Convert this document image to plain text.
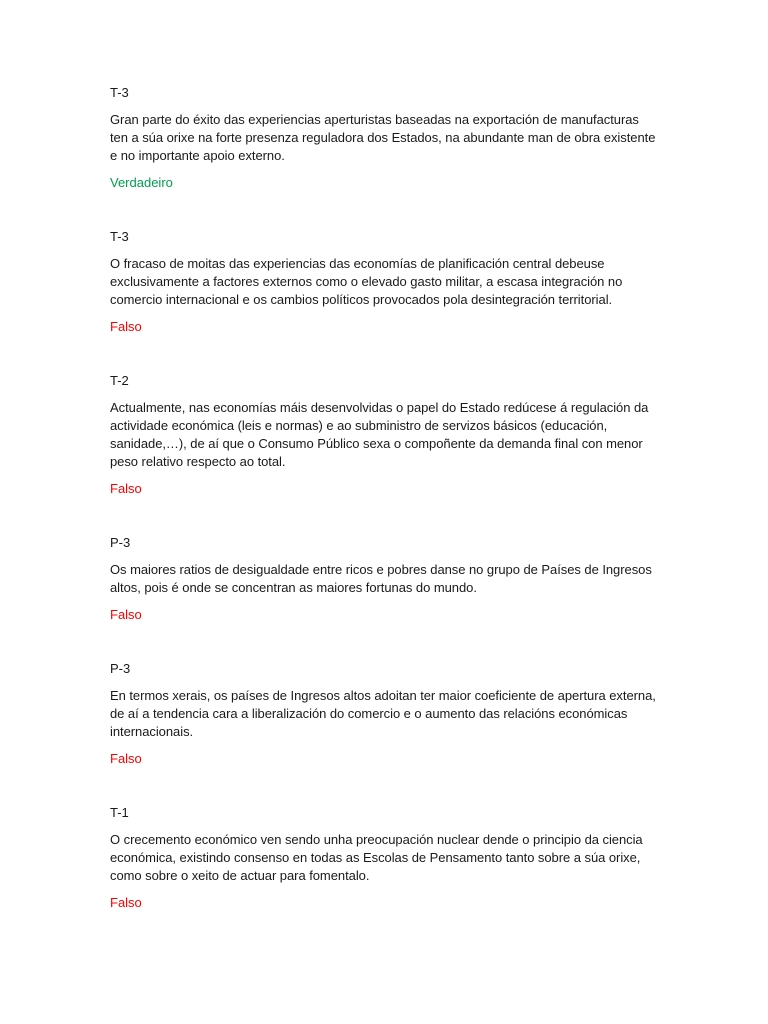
T-3

Gran parte do éxito das experiencias aperturistas baseadas na exportación de manufacturas
ten a súa orixe na forte presenza reguladora dos Estados, na abundante man de obra existente
e no importante apoio externo.

Verdadeiro

T-3

O fracaso de moitas das experiencias das economías de planificación central debeuse
exclusivamente a factores externos como o elevado gasto militar, a escasa integración no
comercio internacional e os cambios políticos provocados pola desintegración territorial.

Falso

T-2

Actualmente, nas economías máis desenvolvidas o papel do Estado redúcese á regulación da
actividade económica (leis e normas) e ao subministro de servizos básicos (educación,
sanidade,…), de aí que o Consumo Público sexa o compoñente da demanda final con menor
peso relativo respecto ao total.

Falso

P-3

Os maiores ratios de desigualdade entre ricos e pobres danse no grupo de Países de Ingresos
altos, pois é onde se concentran as maiores fortunas do mundo.

Falso

P-3

En termos xerais, os países de Ingresos altos adoitan ter maior coeficiente de apertura externa,
de aí a tendencia cara a liberalización do comercio e o aumento das relacións económicas
internacionais.

Falso

T-1

O crecemento económico ven sendo unha preocupación nuclear dende o principio da ciencia
económica, existindo consenso en todas as Escolas de Pensamento tanto sobre a súa orixe,
como sobre o xeito de actuar para fomentalo.

Falso
